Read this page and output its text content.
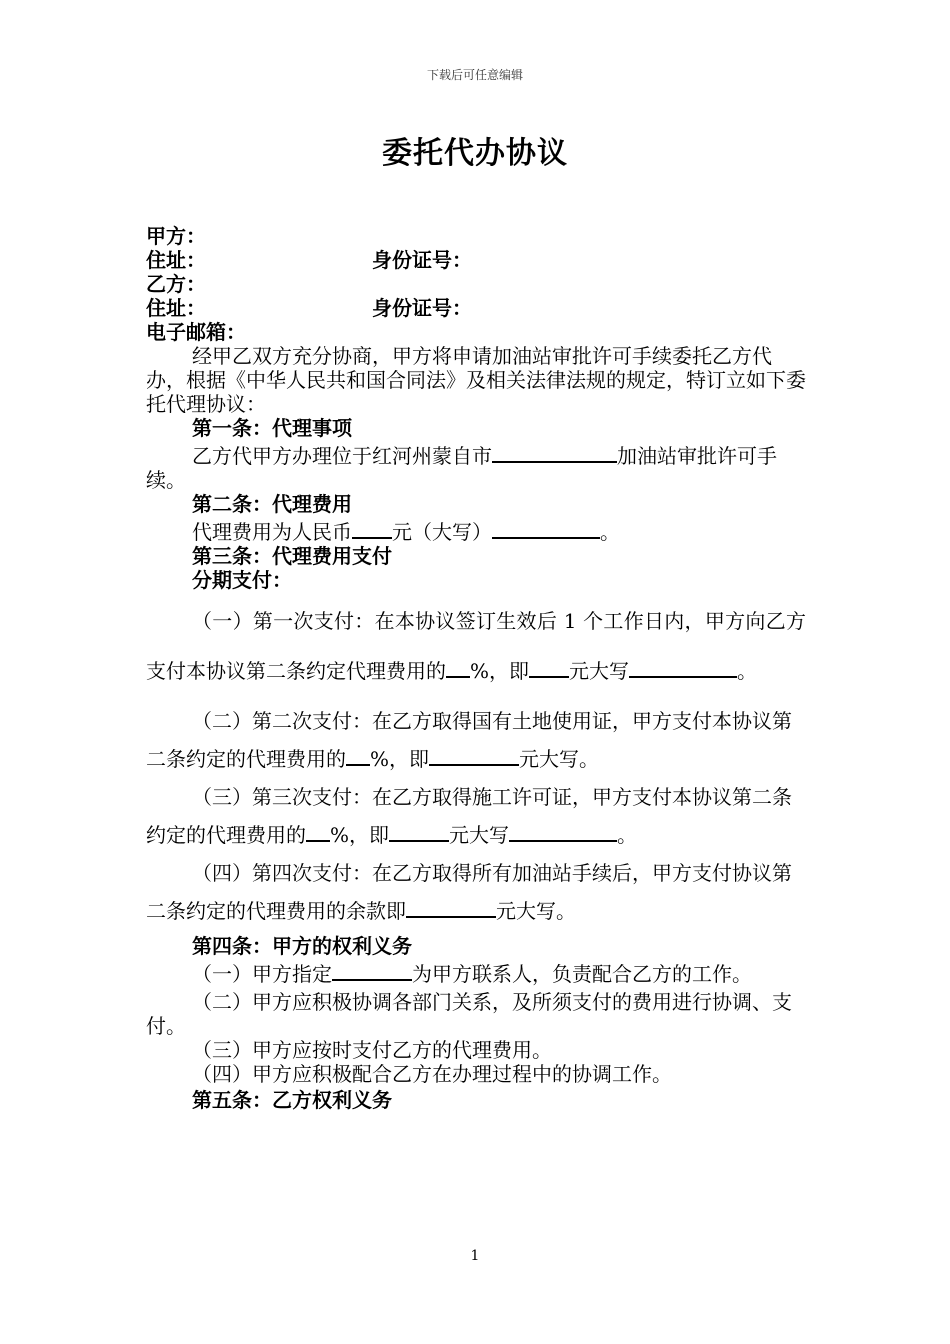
下载后可任意编辑
委托代办协议
甲方：
住址：	身份证号：
乙方：
住址：	身份证号：
电子邮箱：
经甲乙双方充分协商，甲方将申请加油站审批许可手续委托乙方代办，根据《中华人民共和国合同法》及相关法律法规的规定，特订立如下委托代理协议：
第一条：代理事项
乙方代甲方办理位于红河州蒙自市	加油站审批许可手续。
第二条：代理费用
代理费用为人民币 元（大写）	。
第三条：代理费用支付
分期支付：
（一）第一次支付：在本协议签订生效后 1 个工作日内，甲方向乙方支付本协议第二条约定代理费用的 %，即 元大写	。
（二）第二次支付：在乙方取得国有土地使用证，甲方支付本协议第二条约定的代理费用的 %，即	元大写。
（三）第三次支付：在乙方取得施工许可证，甲方支付本协议第二条约定的代理费用的 %，即	元大写	。
（四）第四次支付：在乙方取得所有加油站手续后，甲方支付协议第二条约定的代理费用的余款即	元大写。
第四条：甲方的权利义务
（一）甲方指定	为甲方联系人，负责配合乙方的工作。
（二）甲方应积极协调各部门关系，及所须支付的费用进行协调、支付。
（三）甲方应按时支付乙方的代理费用。
（四）甲方应积极配合乙方在办理过程中的协调工作。
第五条：乙方权利义务
1
